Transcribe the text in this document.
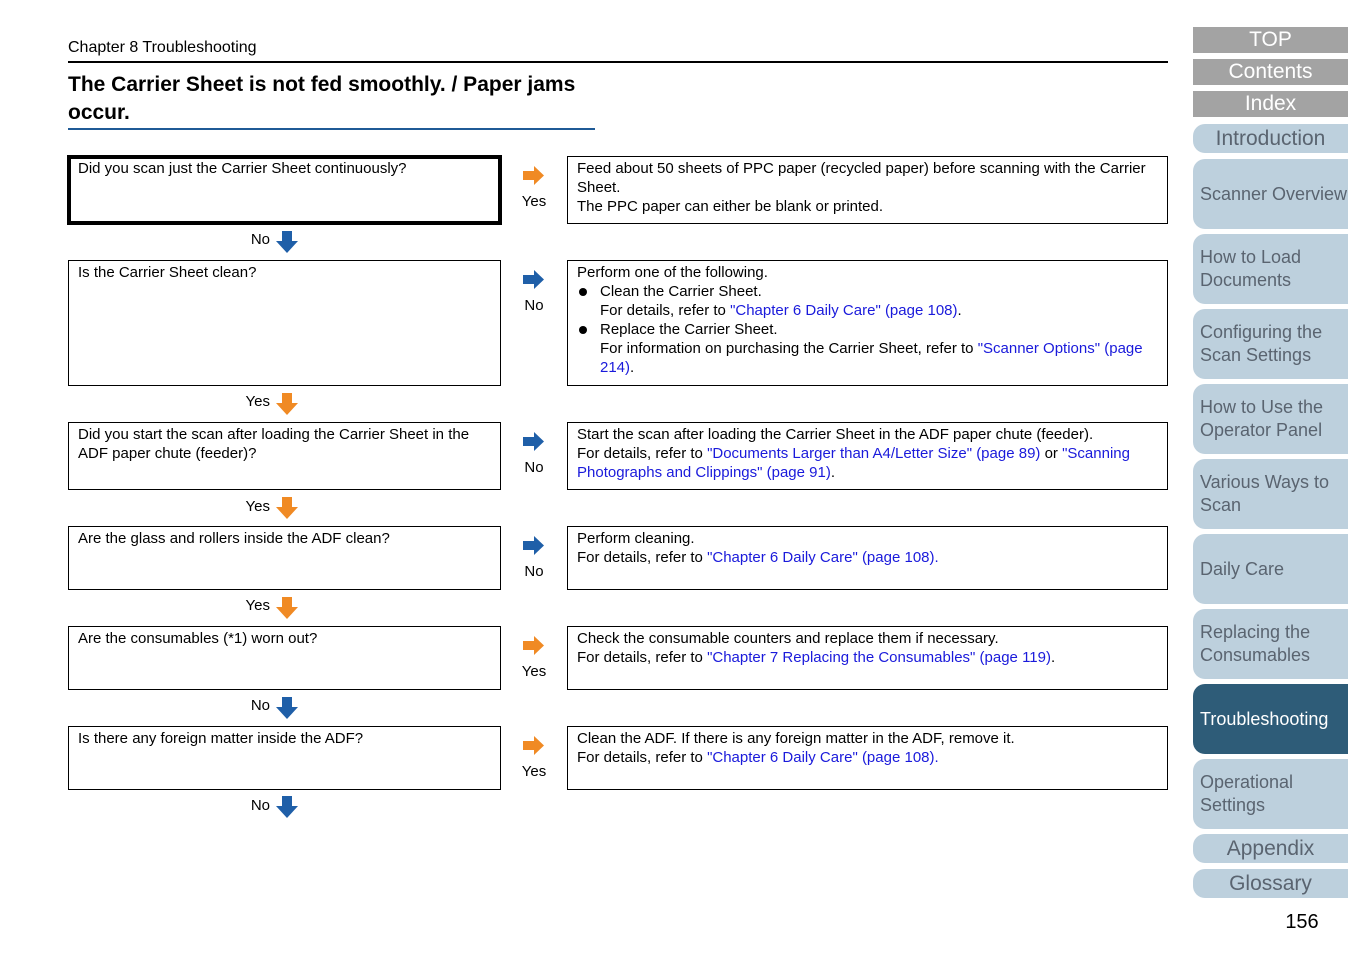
Chapter 8 Troubleshooting
The Carrier Sheet is not fed smoothly. / Paper jams occur.
Did you scan just the Carrier Sheet continuously?
Yes
Feed about 50 sheets of PPC paper (recycled paper) before scanning with the Carrier Sheet.
The PPC paper can either be blank or printed.
No
Is the Carrier Sheet clean?
No
Perform one of the following.
Clean the Carrier Sheet.
For details, refer to "Chapter 6 Daily Care" (page 108).
Replace the Carrier Sheet.
For information on purchasing the Carrier Sheet, refer to "Scanner Options" (page 214).
Yes
Did you start the scan after loading the Carrier Sheet in the ADF paper chute (feeder)?
No
Start the scan after loading the Carrier Sheet in the ADF paper chute (feeder).
For details, refer to "Documents Larger than A4/Letter Size" (page 89) or "Scanning Photographs and Clippings" (page 91).
Yes
Are the glass and rollers inside the ADF clean?
No
Perform cleaning.
For details, refer to "Chapter 6 Daily Care" (page 108).
Yes
Are the consumables (*1) worn out?
Yes
Check the consumable counters and replace them if necessary.
For details, refer to "Chapter 7 Replacing the Consumables" (page 119).
No
Is there any foreign matter inside the ADF?
Yes
Clean the ADF. If there is any foreign matter in the ADF, remove it.
For details, refer to "Chapter 6 Daily Care" (page 108).
No
TOP
Contents
Index
Introduction
Scanner Overview
How to Load Documents
Configuring the Scan Settings
How to Use the Operator Panel
Various Ways to Scan
Daily Care
Replacing the Consumables
Troubleshooting
Operational Settings
Appendix
Glossary
156
